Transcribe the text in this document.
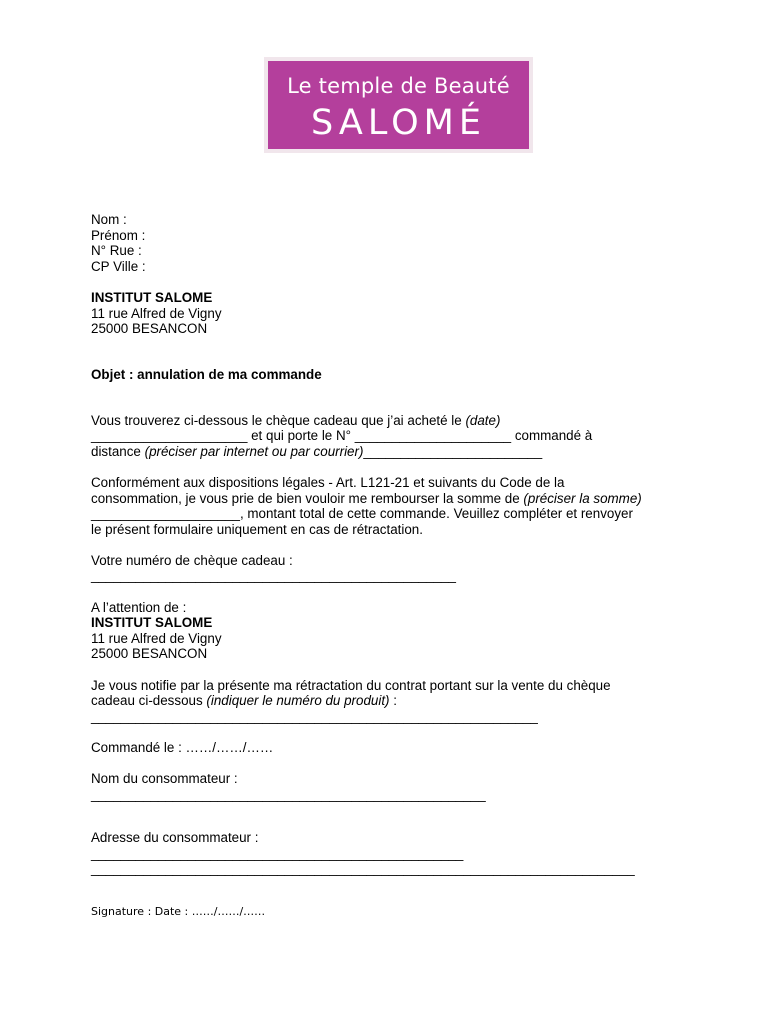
Le temple de Beauté
SALOMÉ
Nom :
Prénom :
N° Rue :
CP Ville :
INSTITUT SALOME
11 rue Alfred de Vigny
25000 BESANCON
Objet : annulation de ma commande
Vous trouverez ci-dessous le chèque cadeau que j’ai acheté le (date)
_____________________ et qui porte le N° _____________________ commandé à
distance (préciser par internet ou par courrier)________________________
Conformément aux dispositions légales - Art. L121-21 et suivants du Code de la
consommation, je vous prie de bien vouloir me rembourser la somme de (préciser la somme)
____________________, montant total de cette commande. Veuillez compléter et renvoyer
le présent formulaire uniquement en cas de rétractation.
Votre numéro de chèque cadeau :
_________________________________________________
A l’attention de :
INSTITUT SALOME
11 rue Alfred de Vigny
25000 BESANCON
Je vous notifie par la présente ma rétractation du contrat portant sur la vente du chèque
cadeau ci-dessous (indiquer le numéro du produit) :
____________________________________________________________
Commandé le : ……/……/……
Nom du consommateur :
_____________________________________________________
Adresse du consommateur :
__________________________________________________
_________________________________________________________________________
Signature : Date : ……/……/……
